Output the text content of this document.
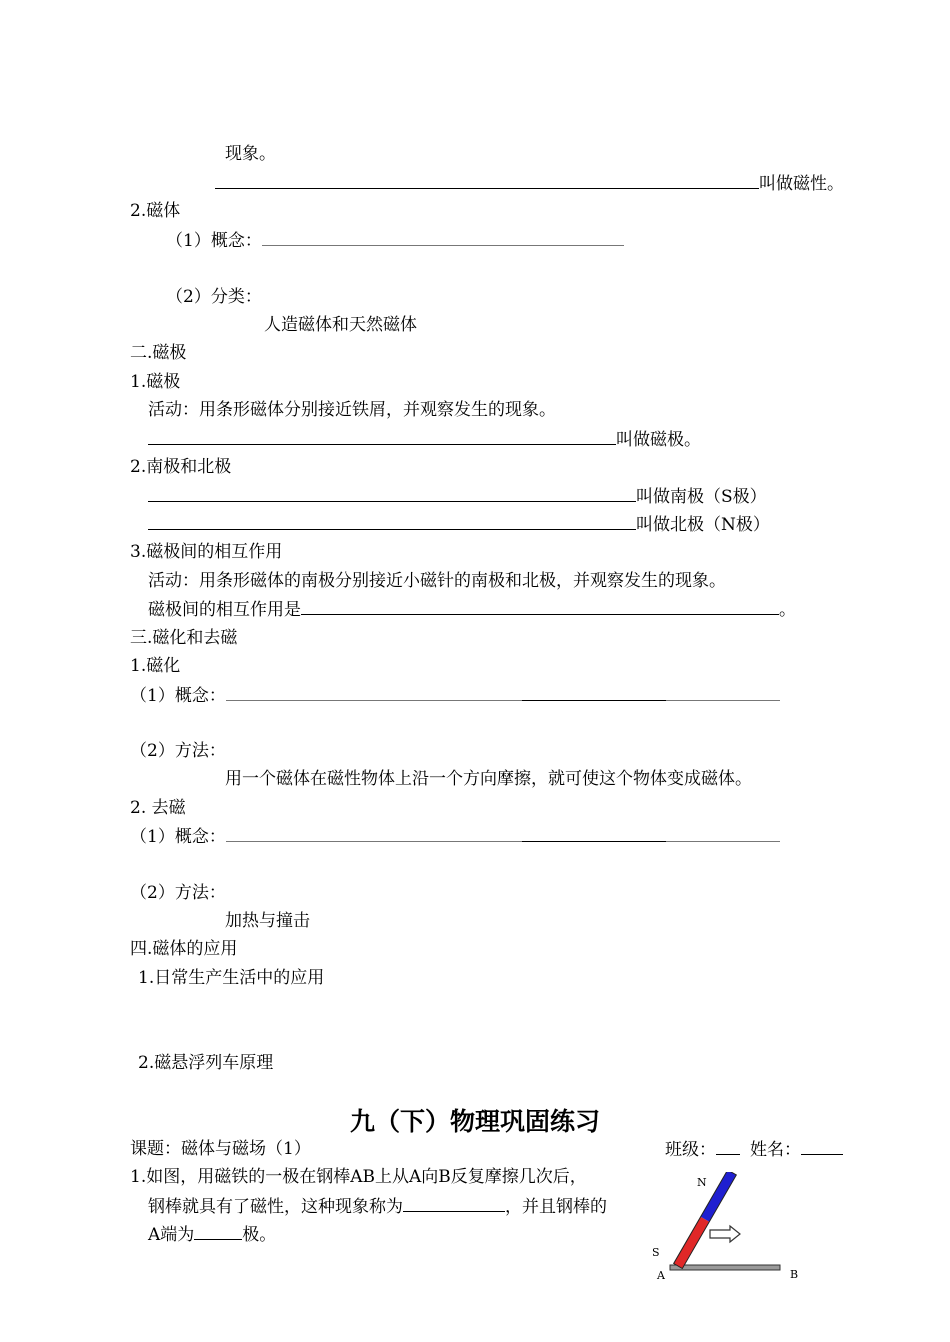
现象。
叫做磁性。
2.磁体
（1）概念：
（2）分类：
人造磁体和天然磁体
二.磁极
1.磁极
活动：用条形磁体分别接近铁屑，并观察发生的现象。
叫做磁极。
2.南极和北极
叫做南极（S极）
叫做北极（N极）
3.磁极间的相互作用
活动：用条形磁体的南极分别接近小磁针的南极和北极，并观察发生的现象。
磁极间的相互作用是	。
三.磁化和去磁
1.磁化
（1）概念：
（2）方法：
用一个磁体在磁性物体上沿一个方向摩擦，就可使这个物体变成磁体。
2. 去磁
（1）概念：
（2）方法：
加热与撞击
四.磁体的应用
1.日常生产生活中的应用
2.磁悬浮列车原理
九（下）物理巩固练习
课题：磁体与磁场（1）	班级： 姓名：
1.如图，用磁铁的一极在钢棒AB上从A向B反复摩擦几次后，
钢棒就具有了磁性，这种现象称为	，并且钢棒的
A端为	极。
N
S
A	B
